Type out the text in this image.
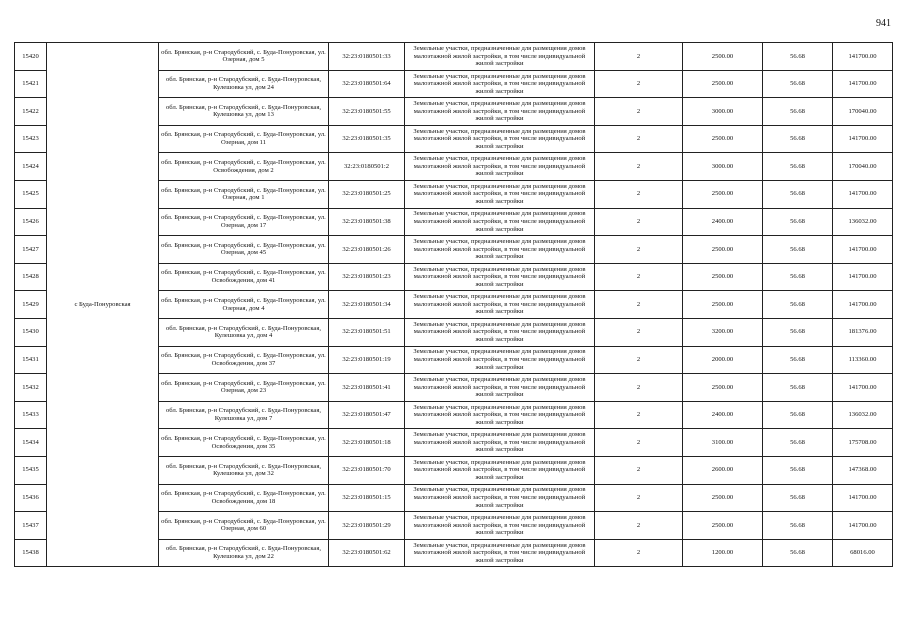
941
15420	с Буда-Понуровская	обл. Брянская, р-н Стародубский, с. Буда-Понуровская, ул. Озерная, дом 5	32:23:0180501:33	Земельные участки, предназначенные для размещения домов малоэтажной жилой застройки, в том числе индивидуальной жилой застройки	2	2500.00	56.68	141700.00
15421		обл. Брянская, р-н Стародубский, с. Буда-Понуровская, Кулешовка ул, дом 24	32:23:0180501:64	Земельные участки, предназначенные для размещения домов малоэтажной жилой застройки, в том числе индивидуальной жилой застройки	2	2500.00	56.68	141700.00
15422		обл. Брянская, р-н Стародубский, с. Буда-Понуровская, Кулешовка ул, дом 13	32:23:0180501:55	Земельные участки, предназначенные для размещения домов малоэтажной жилой застройки, в том числе индивидуальной жилой застройки	2	3000.00	56.68	170040.00
15423		обл. Брянская, р-н Стародубский, с. Буда-Понуровская, ул. Озерная, дом 11	32:23:0180501:35	Земельные участки, предназначенные для размещения домов малоэтажной жилой застройки, в том числе индивидуальной жилой застройки	2	2500.00	56.68	141700.00
15424		обл. Брянская, р-н Стародубский, с. Буда-Понуровская, ул. Освобождения, дом 2	32:23:0180501:2	Земельные участки, предназначенные для размещения домов малоэтажной жилой застройки, в том числе индивидуальной жилой застройки	2	3000.00	56.68	170040.00
15425		обл. Брянская, р-н Стародубский, с. Буда-Понуровская, ул. Озерная, дом 1	32:23:0180501:25	Земельные участки, предназначенные для размещения домов малоэтажной жилой застройки, в том числе индивидуальной жилой застройки	2	2500.00	56.68	141700.00
15426		обл. Брянская, р-н Стародубский, с. Буда-Понуровская, ул. Озерная, дом 17	32:23:0180501:38	Земельные участки, предназначенные для размещения домов малоэтажной жилой застройки, в том числе индивидуальной жилой застройки	2	2400.00	56.68	136032.00
15427		обл. Брянская, р-н Стародубский, с. Буда-Понуровская, ул. Озерная, дом 45	32:23:0180501:26	Земельные участки, предназначенные для размещения домов малоэтажной жилой застройки, в том числе индивидуальной жилой застройки	2	2500.00	56.68	141700.00
15428		обл. Брянская, р-н Стародубский, с. Буда-Понуровская, ул. Освобождения, дом 41	32:23:0180501:23	Земельные участки, предназначенные для размещения домов малоэтажной жилой застройки, в том числе индивидуальной жилой застройки	2	2500.00	56.68	141700.00
15429		обл. Брянская, р-н Стародубский, с. Буда-Понуровская, ул. Озерная, дом 4	32:23:0180501:34	Земельные участки, предназначенные для размещения домов малоэтажной жилой застройки, в том числе индивидуальной жилой застройки	2	2500.00	56.68	141700.00
15430		обл. Брянская, р-н Стародубский, с. Буда-Понуровская, Кулешовка ул, дом 4	32:23:0180501:51	Земельные участки, предназначенные для размещения домов малоэтажной жилой застройки, в том числе индивидуальной жилой застройки	2	3200.00	56.68	181376.00
15431		обл. Брянская, р-н Стародубский, с. Буда-Понуровская, ул. Освобождения, дом 37	32:23:0180501:19	Земельные участки, предназначенные для размещения домов малоэтажной жилой застройки, в том числе индивидуальной жилой застройки	2	2000.00	56.68	113360.00
15432		обл. Брянская, р-н Стародубский, с. Буда-Понуровская, ул. Озерная, дом 23	32:23:0180501:41	Земельные участки, предназначенные для размещения домов малоэтажной жилой застройки, в том числе индивидуальной жилой застройки	2	2500.00	56.68	141700.00
15433		обл. Брянская, р-н Стародубский, с. Буда-Понуровская, Кулешовка ул, дом 7	32:23:0180501:47	Земельные участки, предназначенные для размещения домов малоэтажной жилой застройки, в том числе индивидуальной жилой застройки	2	2400.00	56.68	136032.00
15434		обл. Брянская, р-н Стародубский, с. Буда-Понуровская, ул. Освобождения, дом 35	32:23:0180501:18	Земельные участки, предназначенные для размещения домов малоэтажной жилой застройки, в том числе индивидуальной жилой застройки	2	3100.00	56.68	175708.00
15435		обл. Брянская, р-н Стародубский, с. Буда-Понуровская, Кулешовка ул, дом 32	32:23:0180501:70	Земельные участки, предназначенные для размещения домов малоэтажной жилой застройки, в том числе индивидуальной жилой застройки	2	2600.00	56.68	147368.00
15436		обл. Брянская, р-н Стародубский, с. Буда-Понуровская, ул. Освобождения, дом 18	32:23:0180501:15	Земельные участки, предназначенные для размещения домов малоэтажной жилой застройки, в том числе индивидуальной жилой застройки	2	2500.00	56.68	141700.00
15437		обл. Брянская, р-н Стародубский, с. Буда-Понуровская, ул. Озерная, дом 60	32:23:0180501:29	Земельные участки, предназначенные для размещения домов малоэтажной жилой застройки, в том числе индивидуальной жилой застройки	2	2500.00	56.68	141700.00
15438		обл. Брянская, р-н Стародубский, с. Буда-Понуровская, Кулешовка ул, дом 22	32:23:0180501:62	Земельные участки, предназначенные для размещения домов малоэтажной жилой застройки, в том числе индивидуальной жилой застройки	2	1200.00	56.68	68016.00
